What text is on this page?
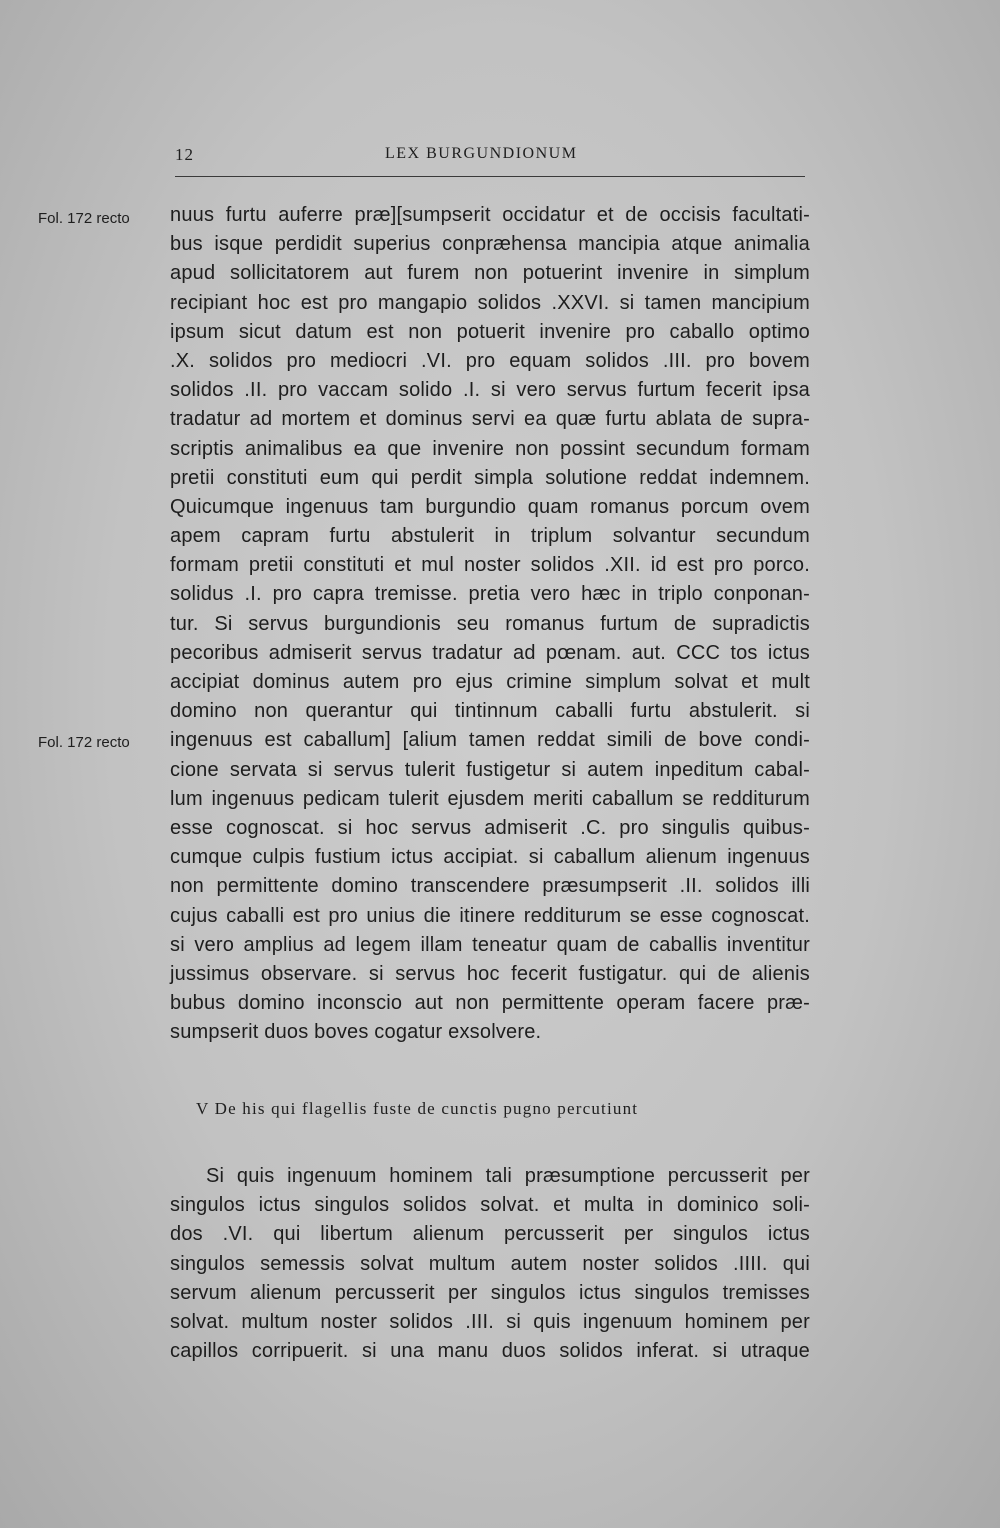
12	LEX BURGUNDIONUM
Fol. 172 recto
Fol. 172 recto
nuus furtu auferre præ][sumpserit occidatur et de occisis facultati-
bus isque perdidit superius conpræhensa mancipia atque animalia
apud sollicitatorem aut furem non potuerint invenire in simplum
recipiant hoc est pro mangapio solidos .XXVI. si tamen mancipium
ipsum sicut datum est non potuerit invenire pro caballo optimo
.X. solidos pro mediocri .VI. pro equam solidos .III. pro bovem
solidos .II. pro vaccam solido .I. si vero servus furtum fecerit ipsa
tradatur ad mortem et dominus servi ea quæ furtu ablata de supra-
scriptis animalibus ea que invenire non possint secundum formam
pretii constituti eum qui perdit simpla solutione reddat indemnem.
Quicumque ingenuus tam burgundio quam romanus porcum ovem
apem capram furtu abstulerit in triplum solvantur secundum
formam pretii constituti et mul noster solidos .XII. id est pro porco.
solidus .I. pro capra tremisse. pretia vero hæc in triplo conponan-
tur. Si servus burgundionis seu romanus furtum de supradictis
pecoribus admiserit servus tradatur ad pœnam. aut. CCC tos ictus
accipiat dominus autem pro ejus crimine simplum solvat et mult
domino non querantur qui tintinnum caballi furtu abstulerit. si
ingenuus est caballum] [alium tamen reddat simili de bove condi-
cione servata si servus tulerit fustigetur si autem inpeditum cabal-
lum ingenuus pedicam tulerit ejusdem meriti caballum se redditurum
esse cognoscat. si hoc servus admiserit .C. pro singulis quibus-
cumque culpis fustium ictus accipiat. si caballum alienum ingenuus
non permittente domino transcendere præsumpserit .II. solidos illi
cujus caballi est pro unius die itinere redditurum se esse cognoscat.
si vero amplius ad legem illam teneatur quam de caballis inventitur
jussimus observare. si servus hoc fecerit fustigatur. qui de alienis
bubus domino inconscio aut non permittente operam facere præ-
sumpserit duos boves cogatur exsolvere.
V De his qui flagellis fuste de cunctis pugno percutiunt
Si quis ingenuum hominem tali præsumptione percusserit per
singulos ictus singulos solidos solvat. et multa in dominico soli-
dos .VI. qui libertum alienum percusserit per singulos ictus
singulos semessis solvat multum autem noster solidos .IIII. qui
servum alienum percusserit per singulos ictus singulos tremisses
solvat. multum noster solidos .III. si quis ingenuum hominem per
capillos corripuerit. si una manu duos solidos inferat. si utraque
